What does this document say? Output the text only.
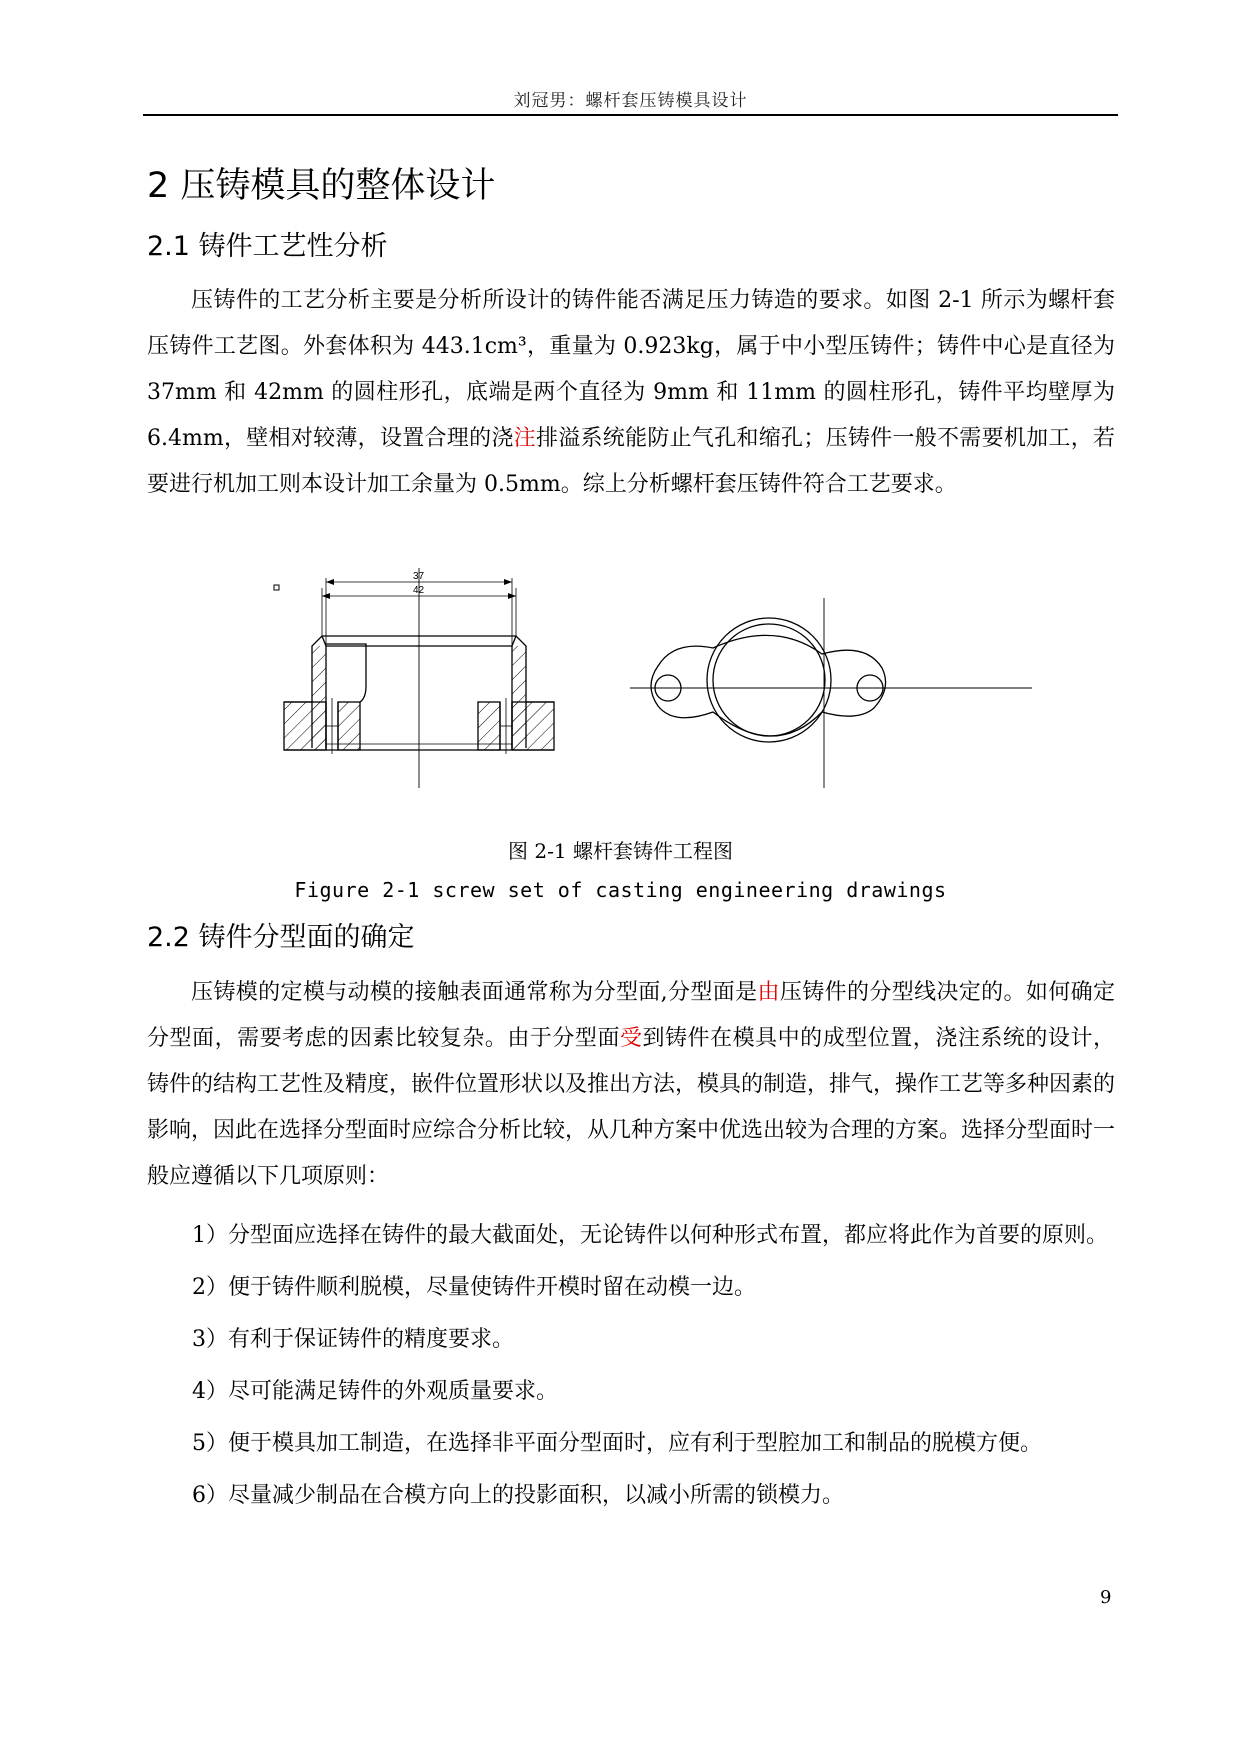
刘冠男：螺杆套压铸模具设计
2 压铸模具的整体设计
2.1 铸件工艺性分析

压铸件的工艺分析主要是分析所设计的铸件能否满足压力铸造的要求。如图 2-1 所示为螺杆套压铸件工艺图。外套体积为 443.1cm³，重量为 0.923kg，属于中小型压铸件；铸件中心是直径为 37mm 和 42mm 的圆柱形孔，底端是两个直径为 9mm 和 11mm 的圆柱形孔，铸件平均壁厚为 6.4mm，壁相对较薄，设置合理的浇注排溢系统能防止气孔和缩孔；压铸件一般不需要机加工，若要进行机加工则本设计加工余量为 0.5mm。综上分析螺杆套压铸件符合工艺要求。

37
42
图 2-1 螺杆套铸件工程图
Figure 2-1 screw set of casting engineering drawings
2.2 铸件分型面的确定

压铸模的定模与动模的接触表面通常称为分型面,分型面是由压铸件的分型线决定的。如何确定分型面，需要考虑的因素比较复杂。由于分型面受到铸件在模具中的成型位置，浇注系统的设计，铸件的结构工艺性及精度，嵌件位置形状以及推出方法，模具的制造，排气，操作工艺等多种因素的影响，因此在选择分型面时应综合分析比较，从几种方案中优选出较为合理的方案。选择分型面时一般应遵循以下几项原则：

1）分型面应选择在铸件的最大截面处，无论铸件以何种形式布置，都应将此作为首要的原则。
2）便于铸件顺利脱模，尽量使铸件开模时留在动模一边。
3）有利于保证铸件的精度要求。
4）尽可能满足铸件的外观质量要求。
5）便于模具加工制造，在选择非平面分型面时，应有利于型腔加工和制品的脱模方便。
6）尽量减少制品在合模方向上的投影面积，以减小所需的锁模力。
9
